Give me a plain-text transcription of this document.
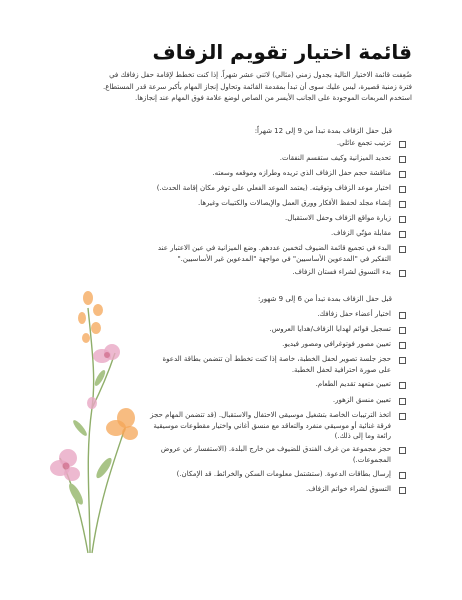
قائمة اختيار تقويم الزفاف
ضُعِفت قائمة الاختيار التالية بجدول زمني (مثالي) لاثني عشر شهراً. إذا كنت تخطط لإقامة حفل زفافك في فترة زمنية قصيرة، ليس عليك سوى أن تبدأ بمقدمة القائمة وتحاول إنجاز المهام بأكبر سرعة قدر المستطاع. استخدم المربعات الموجودة على الجانب الأيسر من الصاص لوضع علامة فوق المهام عند إنجازها.
قبل حفل الزفاف بمدة تبدأ من 9 إلى 12 شهراً:
ترتيب تجمع عائلي.
تحديد الميزانية وكيف ستقسم النفقات.
مناقشة حجم حفل الزفاف الذي تريده وطرازه وموقعه وسعته.
اختيار موعد الزفاف وتوقيته. (يعتمد الموعد الفعلي على توفر مكان إقامة الحدث.)
إنشاء مجلد لحفظ الأفكار وورق العمل والإيصالات والكتيبات وغيرها.
زيارة مواقع الزفاف وحفل الاستقبال.
مقابلة مؤنّي الزفاف.
البدء في تجميع قائمة الضيوف لتخمين عددهم. وضع الميزانية في عين الاعتبار عند التفكير في "المدعوين الأساسيين" في مواجهة "المدعوين غير الأساسيين."
بدء التسوق لشراء فستان الزفاف.
قبل حفل الزفاف بمدة تبدأ من 6 إلى 9 شهور:
اختيار أعضاء حفل زفافك.
تسجيل قوائم لهدايا الزفاف/هدايا العروس.
تعيين مصور فوتوغرافي ومصور فيديو.
حجز جلسة تصوير لحفل الخطبة، خاصة إذا كنت تخطط أن تتضمن بطاقة الدعوة على صورة احترافية لحفل الخطبة.
تعيين متعهد تقديم الطعام.
تعيين منسق الزهور.
اتخذ الترتيبات الخاصة بتشغيل موسيقى الاحتفال والاستقبال. (قد تتضمن المهام حجز فرقة غنائية أو موسيقي منفرد والتعاقد مع منسق أغاني واختيار مقطوعات موسيقية رائعة وما إلى ذلك.)
حجز مجموعة من غرف الفندق للضيوف من خارج البلدة. (الاستفسار عن عروض المجموعات.)
إرسال بطاقات الدعوة. (ستشتمل معلومات السكن والخرائط. قد الإمكان.)
التسوق لشراء خواتم الزفاف.
